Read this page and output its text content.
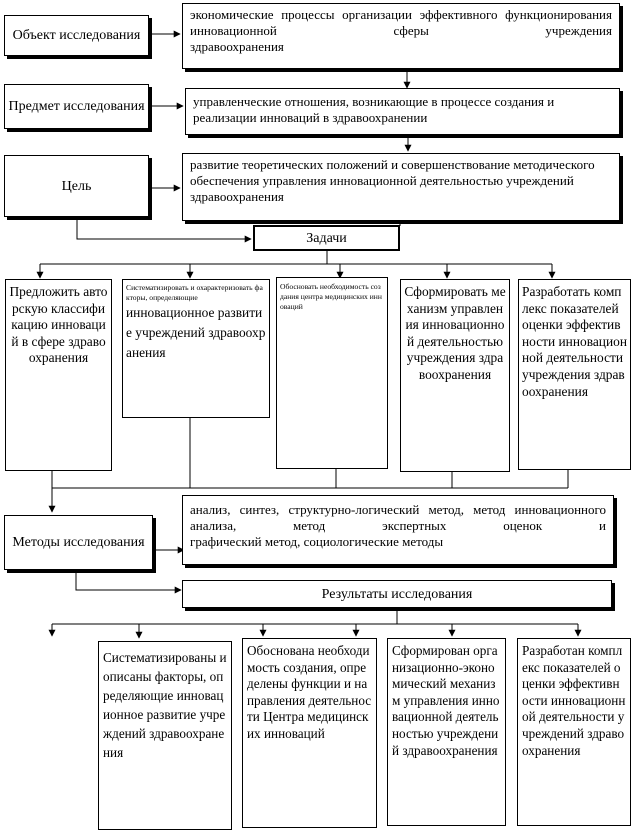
Объект исследования
экономические процессы организации эффективного функционирования инновационной сферы учреждения
здравоохранения
Предмет исследования	управленческие отношения, возникающие в процессе создания и реализации инноваций в здравоохранении
Цель
развитие теоретических положений и совершенствование методического обеспечения управления инновационной деятельностью учреждений здравоохранения
Задачи
Предложить авторскую классификацию инноваций в сфере здравоохранения
Систематизировать и охарактеризовать факторы, определяющие
инновационное развитие учреждений здравоохранения
Обосновать необходимость создания центра медицинских инноваций
Сформировать механизм управления инновационной деятельностью учреждения здравоохранения
Разработать комплекс показателей оценки эффективности инновационной деятельности учреждения здравоохранения
Методы исследования
анализ, синтез, структурно-логический метод, метод инновационного анализа, метод экспертных оценок и
графический метод, социологические методы
Результаты исследования
Систематизированы и описаны факторы, определяющие инновационное развитие учреждений здравоохранения
Обоснована необходимость создания, определены функции и направления деятельности Центра медицинских инноваций
Сформирован организационно-экономический механизм управления инновационной деятельностью учреждений здравоохранения
Разработан комплекс показателей оценки эффективности инновационной деятельности учреждений здравоохранения
